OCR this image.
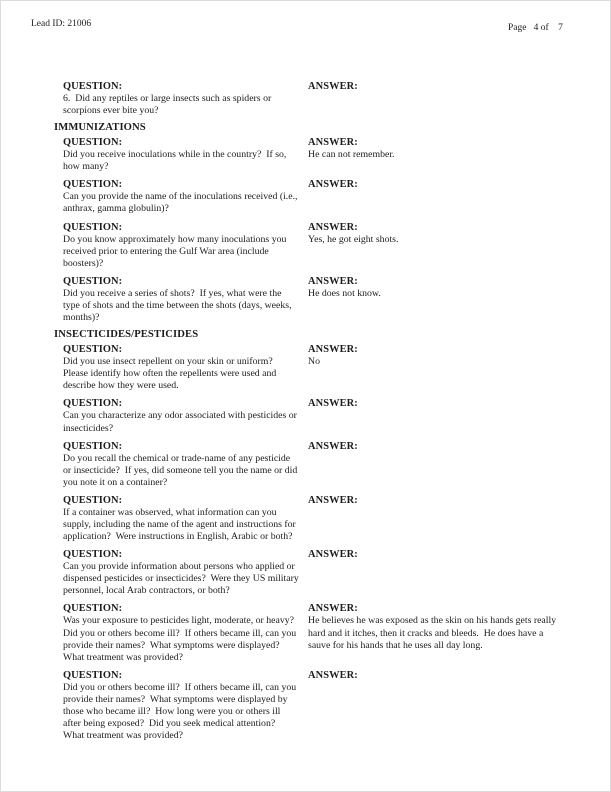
Lead ID: 21006	Page   4 of    7
QUESTION:	ANSWER:
6.  Did any reptiles or large insects such as spiders or scorpions ever bite you?
IMMUNIZATIONS
QUESTION:	ANSWER:
Did you receive inoculations while in the country?  If so, how many?
He can not remember.
QUESTION:	ANSWER:
Can you provide the name of the inoculations received (i.e., anthrax, gamma globulin)?
QUESTION:	ANSWER:
Do you know approximately how many inoculations you received prior to entering the Gulf War area (include boosters)?
Yes, he got eight shots.
QUESTION:	ANSWER:
Did you receive a series of shots?  If yes, what were the type of shots and the time between the shots (days, weeks, months)?
He does not know.
INSECTICIDES/PESTICIDES
QUESTION:	ANSWER:
Did you use insect repellent on your skin or uniform?  Please identify how often the repellents were used and describe how they were used.
No
QUESTION:	ANSWER:
Can you characterize any odor associated with pesticides or insecticides?
QUESTION:	ANSWER:
Do you recall the chemical or trade-name of any pesticide or insecticide?  If yes, did someone tell you the name or did you note it on a container?
QUESTION:	ANSWER:
If a container was observed, what information can you supply, including the name of the agent and instructions for application?  Were instructions in English, Arabic or both?
QUESTION:	ANSWER:
Can you provide information about persons who applied or dispensed pesticides or insecticides?  Were they US military personnel, local Arab contractors, or both?
QUESTION:	ANSWER:
Was your exposure to pesticides light, moderate, or heavy?  Did you or others become ill?  If others became ill, can you provide their names?  What symptoms were displayed?  What treatment was provided?
He believes he was exposed as the skin on his hands gets really hard and it itches, then it cracks and bleeds.  He does have a sauve for his hands that he uses all day long.
QUESTION:	ANSWER:
Did you or others become ill?  If others became ill, can you provide their names?  What symptoms were displayed by those who became ill?  How long were you or others ill after being exposed?  Did you seek medical attention?  What treatment was provided?
